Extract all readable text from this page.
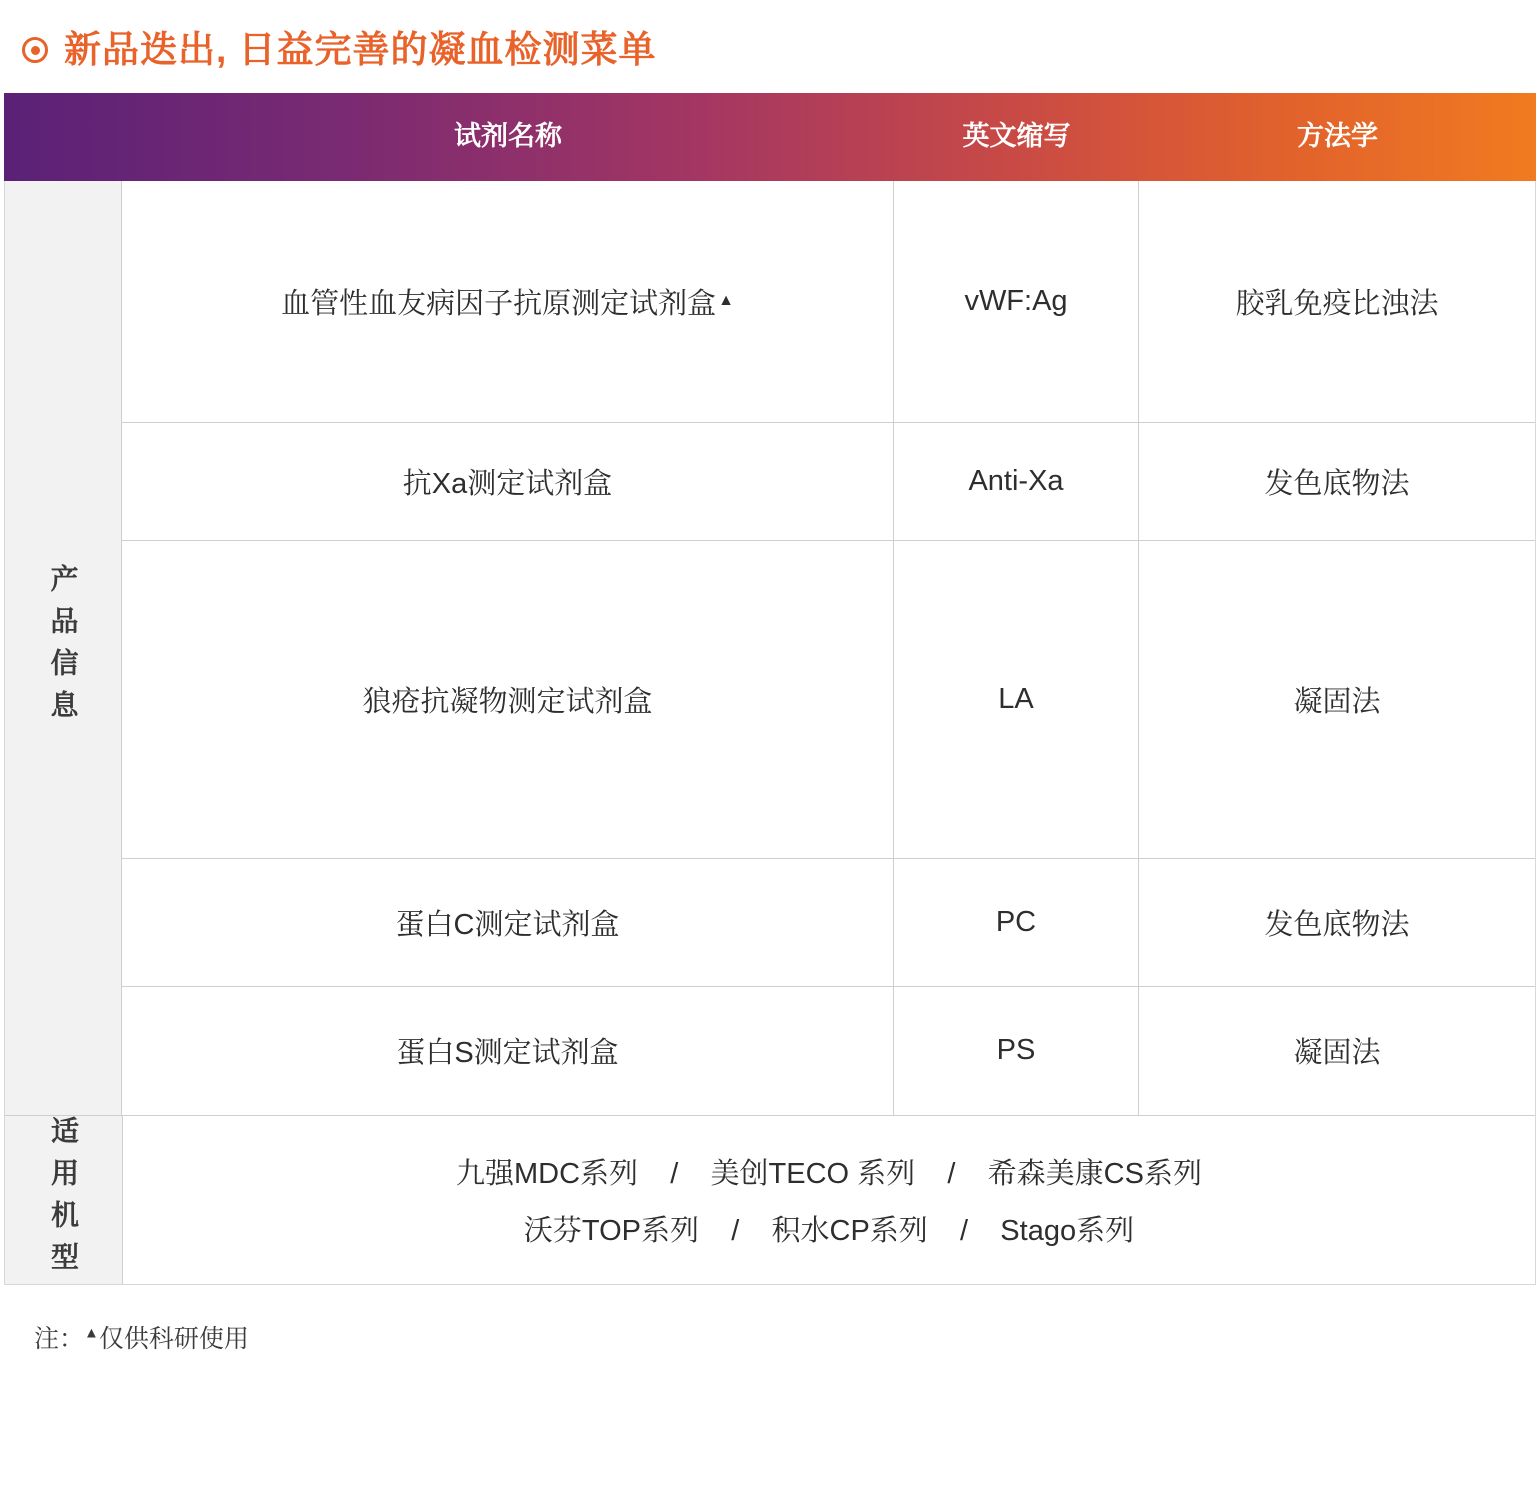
新品迭出, 日益完善的凝血检测菜单
试剂名称	英文缩写	方法学
产品信息
血管性血友病因子抗原测定试剂盒 ▲	vWF:Ag	胶乳免疫比浊法
抗Xa测定试剂盒	Anti-Xa	发色底物法
狼疮抗凝物测定试剂盒	LA	凝固法
蛋白C测定试剂盒	PC	发色底物法
蛋白S测定试剂盒	PS	凝固法
适用机型	九强MDC系列    /    美创TECO 系列    /    希森美康CS系列
沃芬TOP系列    /    积水CP系列    /    Stago系列
注：▲仅供科研使用
